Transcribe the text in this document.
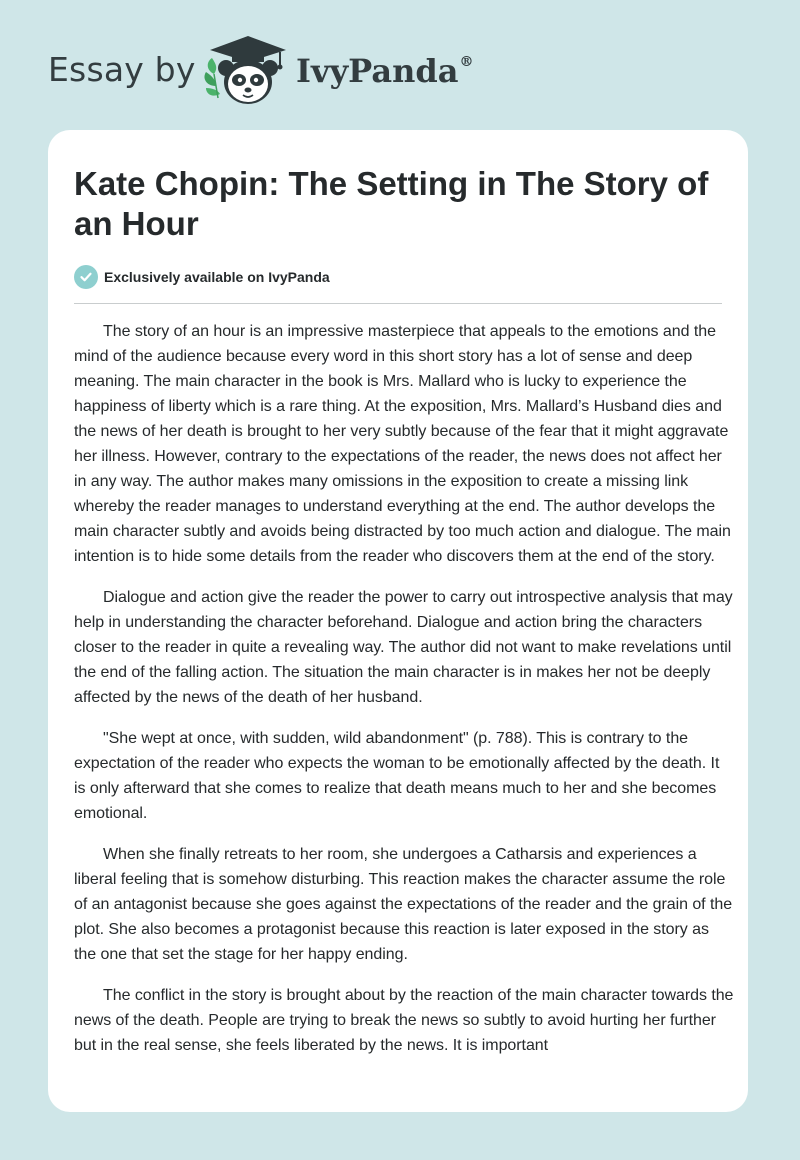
Essay by	IvyPanda®
Kate Chopin: The Setting in The Story of an Hour
Exclusively available on IvyPanda

The story of an hour is an impressive masterpiece that appeals to the emotions and the mind of the audience because every word in this short story has a lot of sense and deep meaning. The main character in the book is Mrs. Mallard who is lucky to experience the happiness of liberty which is a rare thing. At the exposition, Mrs. Mallard’s Husband dies and the news of her death is brought to her very subtly because of the fear that it might aggravate her illness. However, contrary to the expectations of the reader, the news does not affect her in any way. The author makes many omissions in the exposition to create a missing link whereby the reader manages to understand everything at the end. The author develops the main character subtly and avoids being distracted by too much action and dialogue. The main intention is to hide some details from the reader who discovers them at the end of the story.

Dialogue and action give the reader the power to carry out introspective analysis that may help in understanding the character beforehand. Dialogue and action bring the characters closer to the reader in quite a revealing way. The author did not want to make revelations until the end of the falling action. The situation the main character is in makes her not be deeply affected by the news of the death of her husband.

"She wept at once, with sudden, wild abandonment" (p. 788). This is contrary to the expectation of the reader who expects the woman to be emotionally affected by the death. It is only afterward that she comes to realize that death means much to her and she becomes emotional.

When she finally retreats to her room, she undergoes a Catharsis and experiences a liberal feeling that is somehow disturbing. This reaction makes the character assume the role of an antagonist because she goes against the expectations of the reader and the grain of the plot. She also becomes a protagonist because this reaction is later exposed in the story as the one that set the stage for her happy ending.

The conflict in the story is brought about by the reaction of the main character towards the news of the death. People are trying to break the news so subtly to avoid hurting her further but in the real sense, she feels liberated by the news. It is important
